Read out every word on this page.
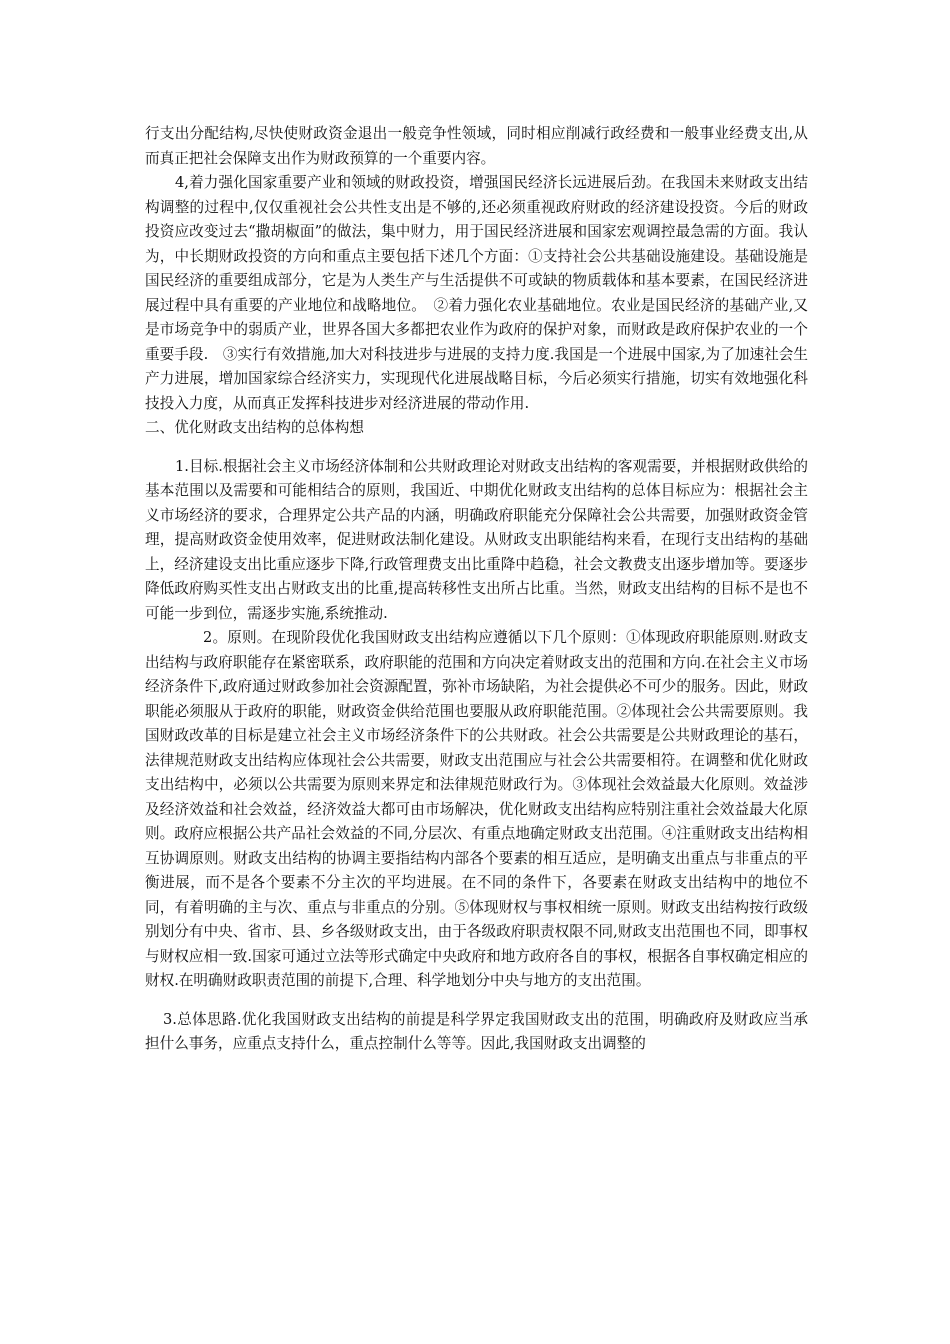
行支出分配结构,尽快使财政资金退出一般竞争性领域，同时相应削减行政经费和一般事业经费支出,从而真正把社会保障支出作为财政预算的一个重要内容。

4,着力强化国家重要产业和领域的财政投资，增强国民经济长远进展后劲。在我国未来财政支出结构调整的过程中,仅仅重视社会公共性支出是不够的,还必须重视政府财政的经济建设投资。今后的财政投资应改变过去“撒胡椒面”的做法，集中财力，用于国民经济进展和国家宏观调控最急需的方面。我认为，中长期财政投资的方向和重点主要包括下述几个方面：①支持社会公共基础设施建设。基础设施是国民经济的重要组成部分，它是为人类生产与生活提供不可或缺的物质载体和基本要素，在国民经济进展过程中具有重要的产业地位和战略地位。　②着力强化农业基础地位。农业是国民经济的基础产业,又是市场竞争中的弱质产业，世界各国大多都把农业作为政府的保护对象，而财政是政府保护农业的一个重要手段.　③实行有效措施,加大对科技进步与进展的支持力度.我国是一个进展中国家,为了加速社会生产力进展，增加国家综合经济实力，实现现代化进展战略目标，今后必须实行措施，切实有效地强化科技投入力度，从而真正发挥科技进步对经济进展的带动作用.

二、优化财政支出结构的总体构想

1.目标.根据社会主义市场经济体制和公共财政理论对财政支出结构的客观需要，并根据财政供给的基本范围以及需要和可能相结合的原则，我国近、中期优化财政支出结构的总体目标应为：根据社会主义市场经济的要求，合理界定公共产品的内涵，明确政府职能充分保障社会公共需要，加强财政资金管理，提高财政资金使用效率，促进财政法制化建设。从财政支出职能结构来看，在现行支出结构的基础上，经济建设支出比重应逐步下降,行政管理费支出比重降中趋稳，社会文教费支出逐步增加等。要逐步降低政府购买性支出占财政支出的比重,提高转移性支出所占比重。当然，财政支出结构的目标不是也不可能一步到位，需逐步实施,系统推动.

2。原则。在现阶段优化我国财政支出结构应遵循以下几个原则：①体现政府职能原则.财政支出结构与政府职能存在紧密联系，政府职能的范围和方向决定着财政支出的范围和方向.在社会主义市场经济条件下,政府通过财政参加社会资源配置，弥补市场缺陷，为社会提供必不可少的服务。因此，财政职能必须服从于政府的职能，财政资金供给范围也要服从政府职能范围。②体现社会公共需要原则。我国财政改革的目标是建立社会主义市场经济条件下的公共财政。社会公共需要是公共财政理论的基石，法律规范财政支出结构应体现社会公共需要，财政支出范围应与社会公共需要相符。在调整和优化财政支出结构中，必须以公共需要为原则来界定和法律规范财政行为。③体现社会效益最大化原则。效益涉及经济效益和社会效益，经济效益大都可由市场解决，优化财政支出结构应特别注重社会效益最大化原则。政府应根据公共产品社会效益的不同,分层次、有重点地确定财政支出范围。④注重财政支出结构相互协调原则。财政支出结构的协调主要指结构内部各个要素的相互适应，是明确支出重点与非重点的平衡进展，而不是各个要素不分主次的平均进展。在不同的条件下，各要素在财政支出结构中的地位不同，有着明确的主与次、重点与非重点的分别。⑤体现财权与事权相统一原则。财政支出结构按行政级别划分有中央、省市、县、乡各级财政支出，由于各级政府职责权限不同,财政支出范围也不同，即事权与财权应相一致.国家可通过立法等形式确定中央政府和地方政府各自的事权，根据各自事权确定相应的财权.在明确财政职责范围的前提下,合理、科学地划分中央与地方的支出范围。

3.总体思路.优化我国财政支出结构的前提是科学界定我国财政支出的范围，明确政府及财政应当承担什么事务，应重点支持什么，重点控制什么等等。因此,我国财政支出调整的
